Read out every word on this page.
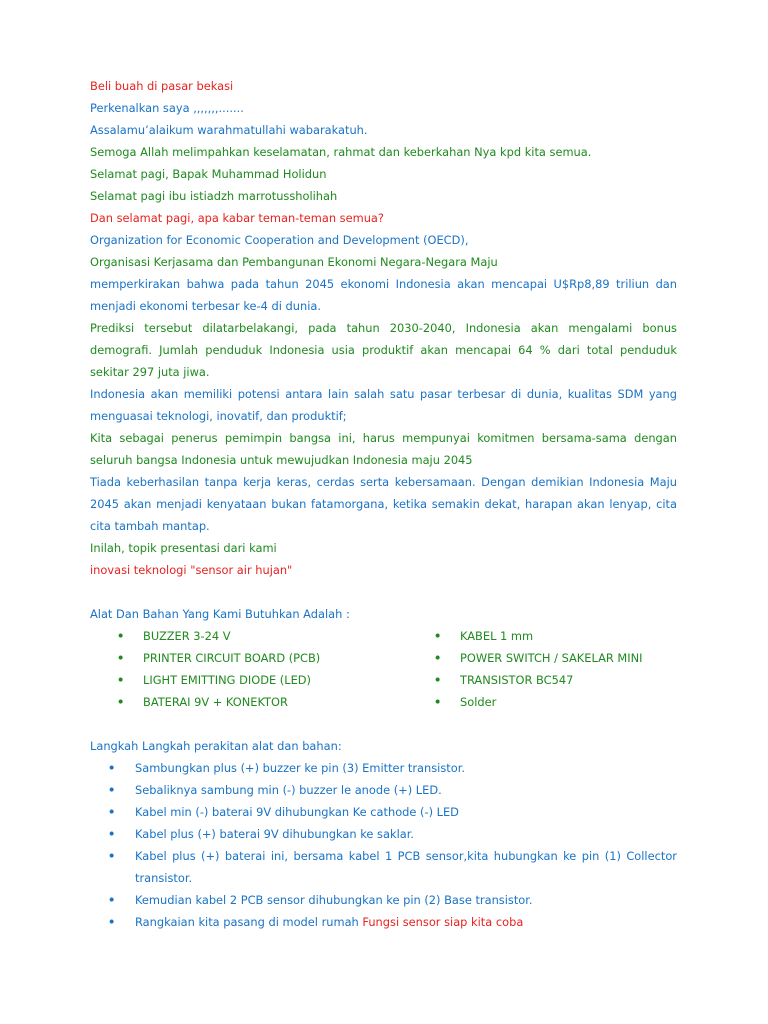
Beli buah di pasar bekasi

Perkenalkan saya ,,,,,,,.......

Assalamu’alaikum warahmatullahi wabarakatuh.

Semoga Allah melimpahkan keselamatan, rahmat dan keberkahan Nya kpd kita semua.

Selamat pagi, Bapak Muhammad Holidun

Selamat pagi ibu istiadzh marrotussholihah

Dan selamat pagi, apa kabar teman-teman semua?

Organization for Economic Cooperation and Development (OECD),

Organisasi Kerjasama dan Pembangunan Ekonomi Negara-Negara Maju

memperkirakan bahwa pada tahun 2045 ekonomi Indonesia akan mencapai U$Rp8,89 triliun dan menjadi ekonomi terbesar ke-4 di dunia.

Prediksi tersebut dilatarbelakangi, pada tahun 2030-2040, Indonesia akan mengalami bonus demografi. Jumlah penduduk Indonesia usia produktif akan mencapai 64 % dari total penduduk sekitar 297 juta jiwa.

Indonesia akan memiliki potensi antara lain salah satu pasar terbesar di dunia, kualitas SDM yang menguasai teknologi, inovatif, dan produktif;

Kita sebagai penerus pemimpin bangsa ini, harus mempunyai komitmen bersama-sama dengan seluruh bangsa Indonesia untuk mewujudkan Indonesia maju 2045

Tiada keberhasilan tanpa kerja keras, cerdas serta kebersamaan. Dengan demikian Indonesia Maju 2045 akan menjadi kenyataan bukan fatamorgana, ketika semakin dekat, harapan akan lenyap, cita cita tambah mantap.

Inilah, topik presentasi dari kami

inovasi teknologi "sensor air hujan"

Alat Dan Bahan Yang Kami Butuhkan Adalah :

• BUZZER 3-24 V
• PRINTER CIRCUIT BOARD (PCB)
• LIGHT EMITTING DIODE (LED)
• BATERAI 9V + KONEKTOR
• KABEL 1 mm
• POWER SWITCH / SAKELAR MINI
• TRANSISTOR BC547
• Solder

Langkah Langkah perakitan alat dan bahan:

• Sambungkan plus (+) buzzer ke pin (3) Emitter transistor.
• Sebaliknya sambung min (-) buzzer le anode (+) LED.
• Kabel min (-) baterai 9V dihubungkan Ke cathode (-) LED
• Kabel plus (+) baterai 9V dihubungkan ke saklar.
• Kabel plus (+) baterai ini, bersama kabel 1 PCB sensor,kita hubungkan ke pin (1) Collector transistor.
• Kemudian kabel 2 PCB sensor dihubungkan ke pin (2) Base transistor.
• Rangkaian kita pasang di model rumah Fungsi sensor siap kita coba
